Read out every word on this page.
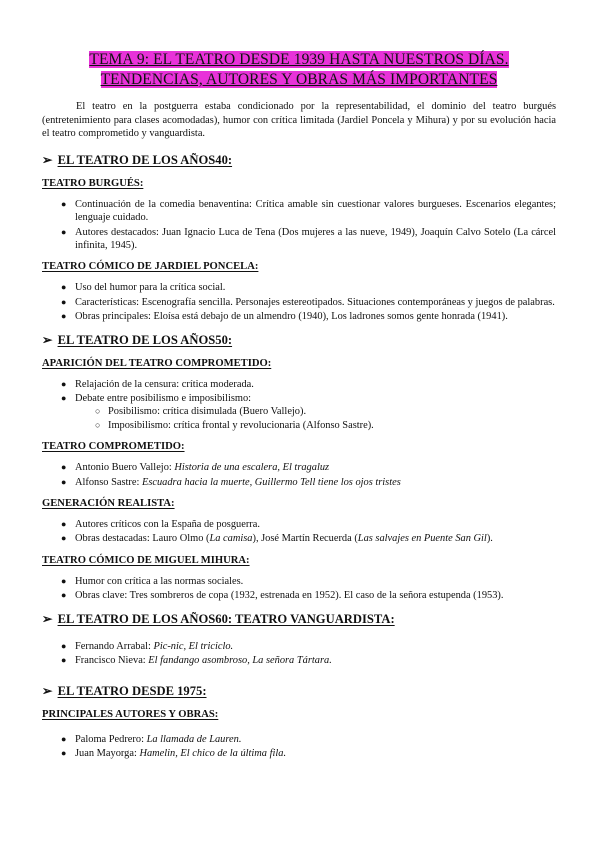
TEMA 9: EL TEATRO DESDE 1939 HASTA NUESTROS DÍAS.
TENDENCIAS, AUTORES Y OBRAS MÁS IMPORTANTES

El teatro en la postguerra estaba condicionado por la representabilidad, el dominio del teatro burgués (entretenimiento para clases acomodadas), humor con crítica limitada (Jardiel Poncela y Mihura) y por su evolución hacia el teatro comprometido y vanguardista.

➢ EL TEATRO DE LOS AÑOS40:
TEATRO BURGUÉS:
● Continuación de la comedia benaventina: Crítica amable sin cuestionar valores burgueses. Escenarios elegantes; lenguaje cuidado.
● Autores destacados: Juan Ignacio Luca de Tena (Dos mujeres a las nueve, 1949), Joaquín Calvo Sotelo (La cárcel infinita, 1945).
TEATRO CÓMICO DE JARDIEL PONCELA:
● Uso del humor para la crítica social.
● Características: Escenografía sencilla. Personajes estereotipados. Situaciones contemporáneas y juegos de palabras.
● Obras principales: Eloísa está debajo de un almendro (1940), Los ladrones somos gente honrada (1941).
➢ EL TEATRO DE LOS AÑOS50:
APARICIÓN DEL TEATRO COMPROMETIDO:
● Relajación de la censura: crítica moderada.
● Debate entre posibilismo e imposibilismo:
○ Posibilismo: crítica disimulada (Buero Vallejo).
○ Imposibilismo: crítica frontal y revolucionaria (Alfonso Sastre).
TEATRO COMPROMETIDO:
● Antonio Buero Vallejo: Historia de una escalera, El tragaluz
● Alfonso Sastre: Escuadra hacia la muerte, Guillermo Tell tiene los ojos tristes
GENERACIÓN REALISTA:
● Autores críticos con la España de posguerra.
● Obras destacadas: Lauro Olmo (La camisa), José Martín Recuerda (Las salvajes en Puente San Gil).
TEATRO CÓMICO DE MIGUEL MIHURA:
● Humor con crítica a las normas sociales.
● Obras clave: Tres sombreros de copa (1932, estrenada en 1952). El caso de la señora estupenda (1953).
➢ EL TEATRO DE LOS AÑOS60: TEATRO VANGUARDISTA:
● Fernando Arrabal: Pic-nic, El triciclo.
● Francisco Nieva: El fandango asombroso, La señora Tártara.
➢ EL TEATRO DESDE 1975:
PRINCIPALES AUTORES Y OBRAS:
● Paloma Pedrero: La llamada de Lauren.
● Juan Mayorga: Hamelin, El chico de la última fila.
